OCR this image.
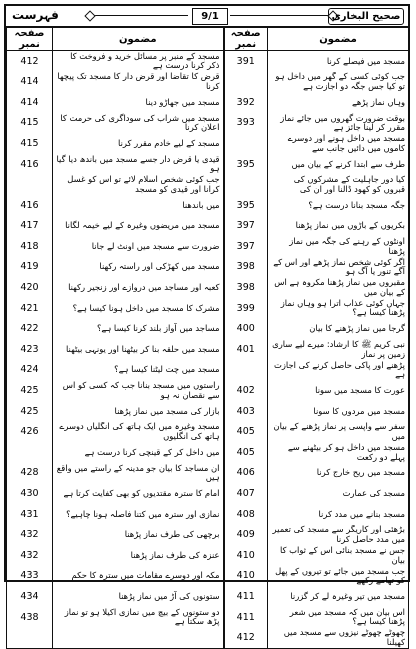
فہرست	9/1	صحیح البخاری
مضمون	صفحہ نمبر	مضمون	صفحہ نمبر
مسجد میں فیصلے کرنا	391	مسجد کے منبر پر مسائل خرید و فروخت کا ذکر کرنا درست ہے	412
جب کوئی کسی کے گھر میں داخل ہو تو کیا جس جگہ دو اجازت ہے		قرض کا تقاضا اور قرض دار کا مسجد تک پیچھا کرنا	414
وہاں نماز پڑھے	392	مسجد میں جھاڑو دینا	414
بوقت ضرورت گھروں میں جائے نماز مقرر کر لینا جائز ہے	393	مسجد میں شراب کی سوداگری کی حرمت کا اعلان کرنا	415
مسجد میں داخل ہونے اور دوسرے کاموں میں دائیں جانب سے		مسجد کے لیے خادم مقرر کرنا	415
طرف سے ابتدا کرنے کے بیان میں	395	قیدی یا قرض دار جسے مسجد میں باندھ دیا گیا ہو	416
کیا دور جاہلیت کے مشرکوں کی قبروں کو کھود ڈالنا اور ان کی		جب کوئی شخص اسلام لائے تو اس کو غسل کرانا اور قیدی کو مسجد	
جگہ مسجد بنانا درست ہے؟	395	میں باندھنا	416
بکریوں کے باڑوں میں نماز پڑھنا	397	مسجد میں مریضوں وغیرہ کے لیے خیمہ لگانا	417
اونٹوں کے رہنے کی جگہ میں نماز پڑھنا	397	ضرورت سے مسجد میں اونٹ لے جانا	418
اگر کوئی شخص نماز پڑھے اور اس کے آگے تنور یا آگ ہو	398	مسجد میں کھڑکی اور راستہ رکھنا	419
مقبروں میں نماز پڑھنا مکروہ ہے اس کے بیان میں	398	کعبہ اور مساجد میں دروازے اور زنجیر رکھنا	420
جہاں کوئی عذاب اترا ہو وہاں نماز پڑھنا کیسا ہے؟	399	مشرک کا مسجد میں داخل ہونا کیسا ہے؟	421
گرجا میں نماز پڑھنے کا بیان	400	مساجد میں آواز بلند کرنا کیسا ہے؟	422
نبی کریم ﷺ کا ارشاد: میرے لیے ساری زمین پر نماز	401	مسجد میں حلقہ بنا کر بیٹھنا اور یونہی بیٹھنا	423
پڑھنے اور پاکی حاصل کرنے کی اجازت ہے		مسجد میں چت لیٹنا کیسا ہے؟	424
عورت کا مسجد میں سونا	402	راستوں میں مسجد بنانا جب کہ کسی کو اس سے نقصان نہ ہو	425
مسجد میں مردوں کا سونا	403	بازار کی مسجد میں نماز پڑھنا	425
سفر سے واپسی پر نماز پڑھنے کے بیان میں	405	مسجد وغیرہ میں ایک ہاتھ کی انگلیاں دوسرے ہاتھ کی انگلیوں	426
مسجد میں داخل ہو کر بیٹھنے سے پہلے دو رکعت	405	میں داخل کر کے قینچی کرنا درست ہے	
مسجد میں ریح خارج کرنا	406	ان مساجد کا بیان جو مدینہ کے راستے میں واقع ہیں	428
مسجد کی عمارت	407	امام کا سترہ مقتدیوں کو بھی کفایت کرتا ہے	430
مسجد بنانے میں مدد کرنا	408	نمازی اور سترہ میں کتنا فاصلہ ہونا چاہیے؟	431
بڑھئی اور کاریگر سے مسجد کی تعمیر میں مدد حاصل کرنا	409	برچھی کی طرف نماز پڑھنا	432
جس نے مسجد بنائی اس کے ثواب کا بیان	410	عنزہ کی طرف نماز پڑھنا	432
جب مسجد میں جائے تو تیروں کے پھل کو تھامے رکھے	410	مکہ اور دوسرے مقامات میں سترہ کا حکم	433
مسجد میں تیر وغیرہ لے کر گزرنا	411	ستونوں کی آڑ میں نماز پڑھنا	434
اس بیان میں کہ مسجد میں شعر پڑھنا کیسا ہے؟	411	دو ستونوں کے بیچ میں نمازی اکیلا ہو تو نماز پڑھ سکتا ہے	438
چھوٹے چھوٹے نیزوں سے مسجد میں کھیلنا	412		
